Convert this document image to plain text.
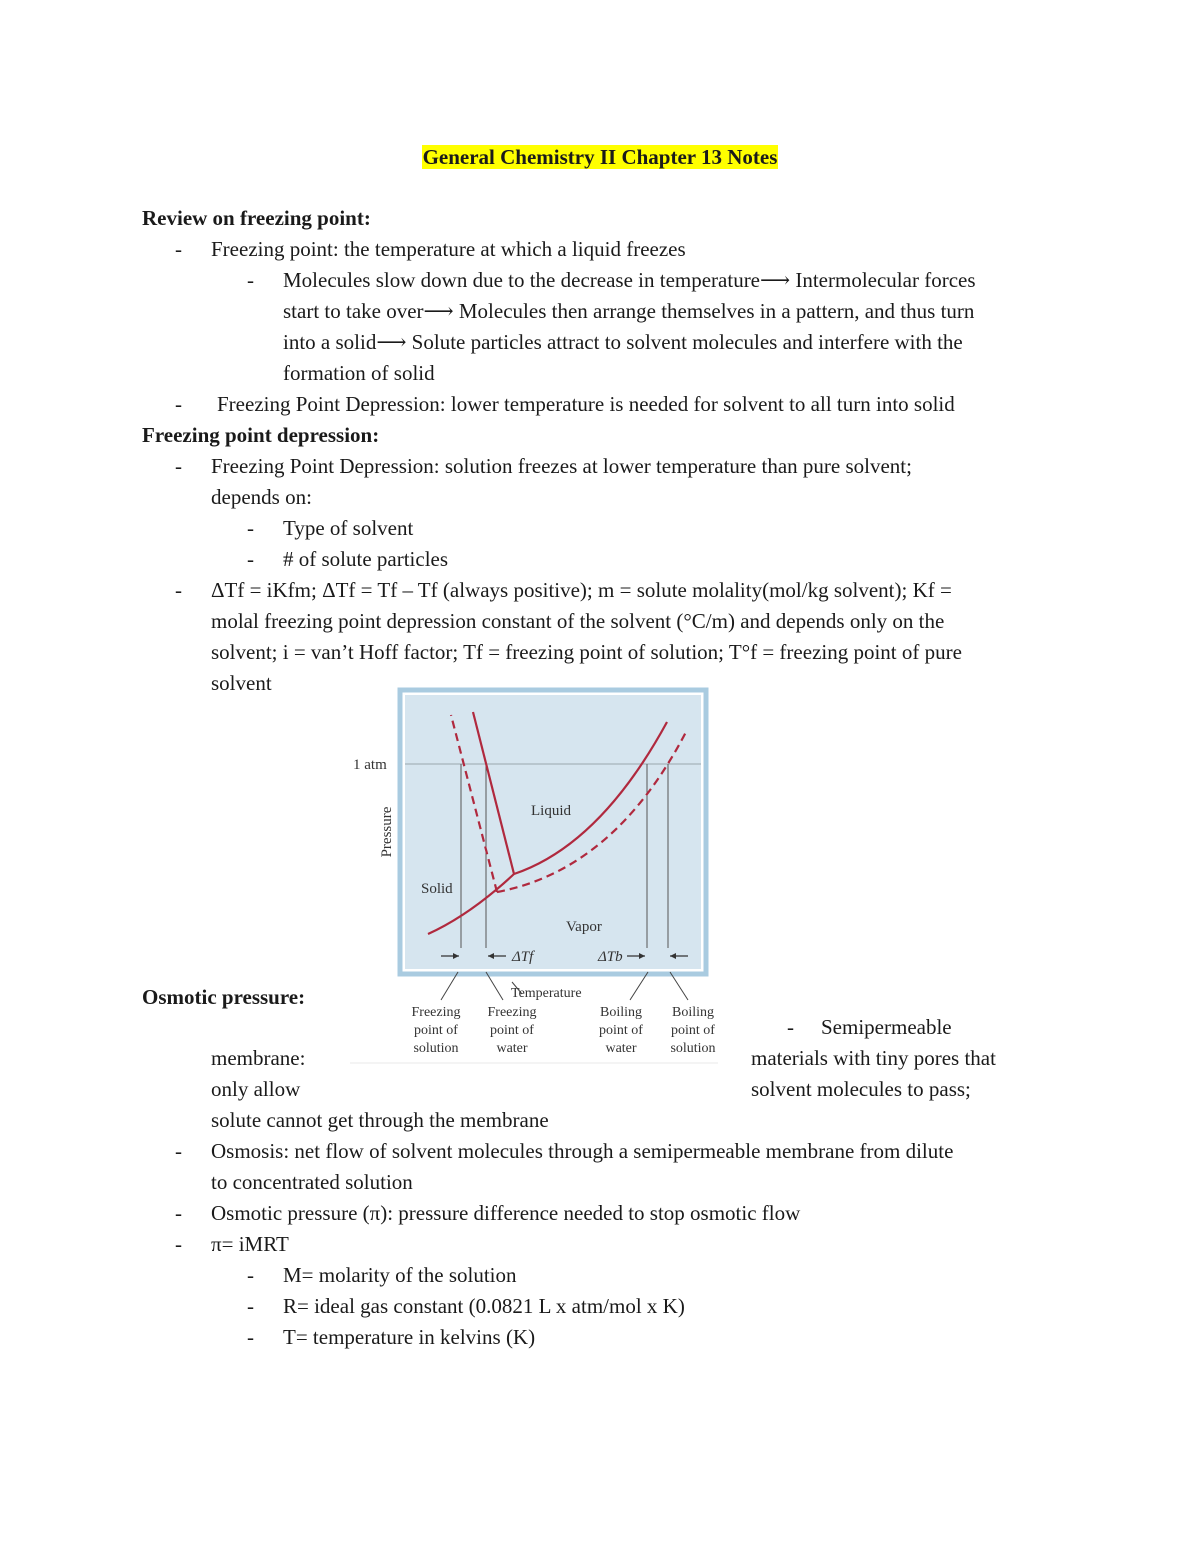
General Chemistry II Chapter 13 Notes
Review on freezing point:
-	Freezing point: the temperature at which a liquid freezes
-	Molecules slow down due to the decrease in temperature⟶ Intermolecular forces
start to take over⟶ Molecules then arrange themselves in a pattern, and thus turn
into a solid⟶ Solute particles attract to solvent molecules and interfere with the
formation of solid
-	Freezing Point Depression: lower temperature is needed for solvent to all turn into solid
Freezing point depression:
-	Freezing Point Depression: solution freezes at lower temperature than pure solvent;
depends on:
-	Type of solvent
-	# of solute particles
-	ΔTf = iKfm; ΔTf = Tf – Tf (always positive); m = solute molality(mol/kg solvent); Kf =
molal freezing point depression constant of the solvent (°C/m) and depends only on the
solvent; i = van’t Hoff factor; Tf = freezing point of solution; T°f = freezing point of pure
solvent
1 atm
Pressure	Liquid
Solid
Vapor
ΔTf	ΔTb
Temperature
Freezing
point of
solution
Freezing
point of
water
Boiling
point of
water
Boiling
point of
solution
Osmotic pressure:
-	Semipermeable
membrane:	materials with tiny pores that
only allow	solvent molecules to pass;
solute cannot get through the membrane
-	Osmosis: net flow of solvent molecules through a semipermeable membrane from dilute
to concentrated solution
-	Osmotic pressure (π): pressure difference needed to stop osmotic flow
-	π= iMRT
-	M= molarity of the solution
-	R= ideal gas constant (0.0821 L x atm/mol x K)
-	T= temperature in kelvins (K)
